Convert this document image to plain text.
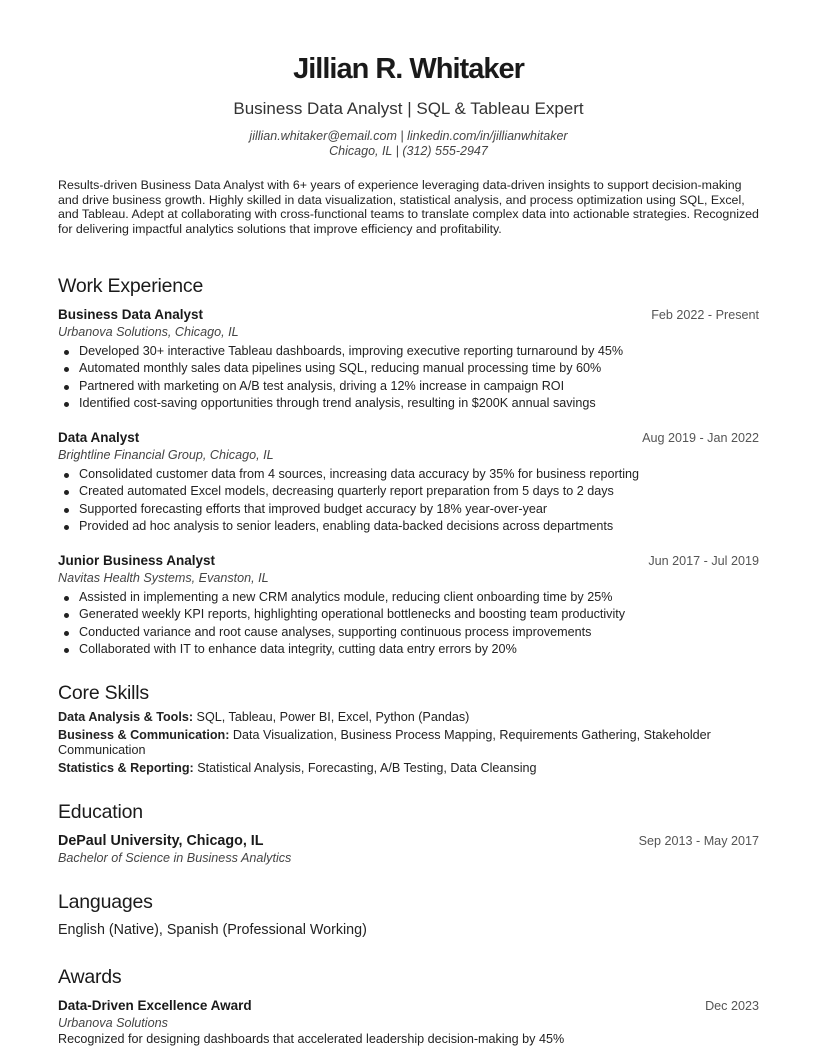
Jillian R. Whitaker
Business Data Analyst | SQL & Tableau Expert
jillian.whitaker@email.com | linkedin.com/in/jillianwhitaker
Chicago, IL | (312) 555-2947
Results-driven Business Data Analyst with 6+ years of experience leveraging data-driven insights to support decision-making and drive business growth. Highly skilled in data visualization, statistical analysis, and process optimization using SQL, Excel, and Tableau. Adept at collaborating with cross-functional teams to translate complex data into actionable strategies. Recognized for delivering impactful analytics solutions that improve efficiency and profitability.
Work Experience
Business Data Analyst	Feb 2022 - Present
Urbanova Solutions, Chicago, IL
Developed 30+ interactive Tableau dashboards, improving executive reporting turnaround by 45%
Automated monthly sales data pipelines using SQL, reducing manual processing time by 60%
Partnered with marketing on A/B test analysis, driving a 12% increase in campaign ROI
Identified cost-saving opportunities through trend analysis, resulting in $200K annual savings
Data Analyst	Aug 2019 - Jan 2022
Brightline Financial Group, Chicago, IL
Consolidated customer data from 4 sources, increasing data accuracy by 35% for business reporting
Created automated Excel models, decreasing quarterly report preparation from 5 days to 2 days
Supported forecasting efforts that improved budget accuracy by 18% year-over-year
Provided ad hoc analysis to senior leaders, enabling data-backed decisions across departments
Junior Business Analyst	Jun 2017 - Jul 2019
Navitas Health Systems, Evanston, IL
Assisted in implementing a new CRM analytics module, reducing client onboarding time by 25%
Generated weekly KPI reports, highlighting operational bottlenecks and boosting team productivity
Conducted variance and root cause analyses, supporting continuous process improvements
Collaborated with IT to enhance data integrity, cutting data entry errors by 20%
Core Skills
Data Analysis & Tools: SQL, Tableau, Power BI, Excel, Python (Pandas)
Business & Communication: Data Visualization, Business Process Mapping, Requirements Gathering, Stakeholder Communication
Statistics & Reporting: Statistical Analysis, Forecasting, A/B Testing, Data Cleansing
Education
DePaul University, Chicago, IL	Sep 2013 - May 2017
Bachelor of Science in Business Analytics
Languages
English (Native), Spanish (Professional Working)
Awards
Data-Driven Excellence Award	Dec 2023
Urbanova Solutions
Recognized for designing dashboards that accelerated leadership decision-making by 45%
